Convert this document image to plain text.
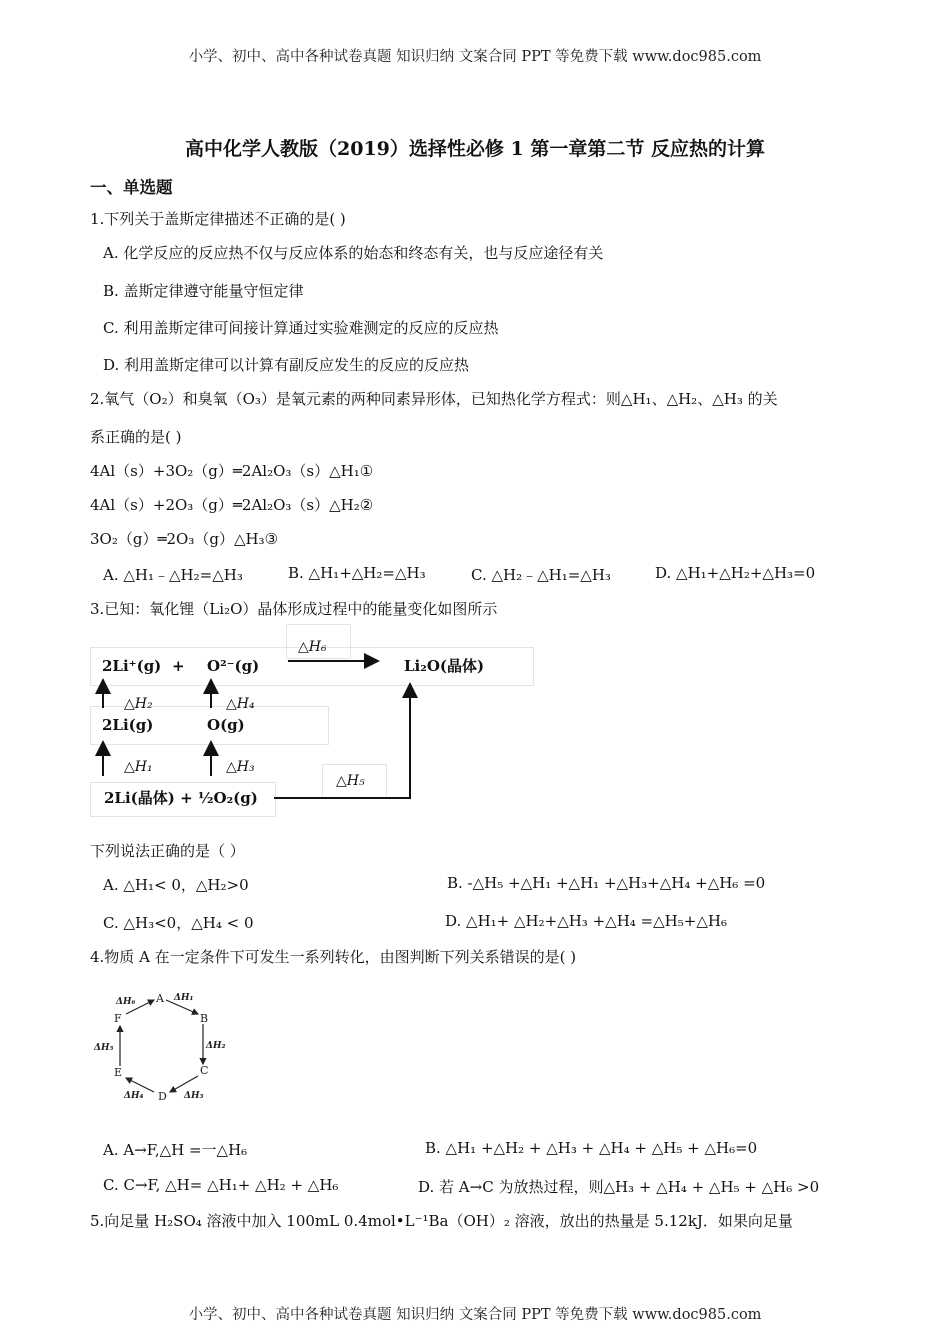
小学、初中、高中各种试卷真题 知识归纳 文案合同 PPT 等免费下载 www.doc985.com
高中化学人教版（2019）选择性必修 1 第一章第二节 反应热的计算
一、单选题
1.下列关于盖斯定律描述不正确的是( )
A. 化学反应的反应热不仅与反应体系的始态和终态有关，也与反应途径有关
B. 盖斯定律遵守能量守恒定律
C. 利用盖斯定律可间接计算通过实验难测定的反应的反应热
D. 利用盖斯定律可以计算有副反应发生的反应的反应热
2.氧气（O₂）和臭氧（O₃）是氧元素的两种同素异形体，已知热化学方程式：则△H₁、△H₂、△H₃ 的关
系正确的是( )
4Al（s）+3O₂（g）═2Al₂O₃（s）△H₁①
4Al（s）+2O₃（g）═2Al₂O₃（s）△H₂②
3O₂（g）═2O₃（g）△H₃③
A. △H₁﹣△H₂=△H₃	B. △H₁+△H₂=△H₃	C. △H₂﹣△H₁=△H₃	D. △H₁+△H₂+△H₃=0
3.已知：氧化锂（Li₂O）晶体形成过程中的能量变化如图所示
2Li⁺(g) + O²⁻(g)	Li₂O(晶体)
2Li(g)	O(g)
2Li(晶体) + ½O₂(g)
△H₆
△H₂	△H₄
△H₁	△H₃
△H₅
下列说法正确的是（ ）
A. △H₁< 0，△H₂>0	B. -△H₅ +△H₁ +△H₁ +△H₃+△H₄ +△H₆ =0
C. △H₃<0，△H₄ < 0	D. △H₁+ △H₂+△H₃ +△H₄ =△H₅+△H₆
4.物质 A 在一定条件下可发生一系列转化，由图判断下列关系错误的是( )
A
B
C
D
E
F
ΔH₁
ΔH₂
ΔH₃
ΔH₄
ΔH₅
ΔH₆
A. A→F,△H =一△H₆	B. △H₁ +△H₂ + △H₃ + △H₄ + △H₅ + △H₆=0
C. C→F, △H= △H₁+ △H₂ + △H₆	D. 若 A→C 为放热过程，则△H₃ + △H₄ + △H₅ + △H₆ >0
5.向足量 H₂SO₄ 溶液中加入 100mL 0.4mol•L⁻¹Ba（OH）₂ 溶液，放出的热量是 5.12kJ．如果向足量
小学、初中、高中各种试卷真题 知识归纳 文案合同 PPT 等免费下载 www.doc985.com
